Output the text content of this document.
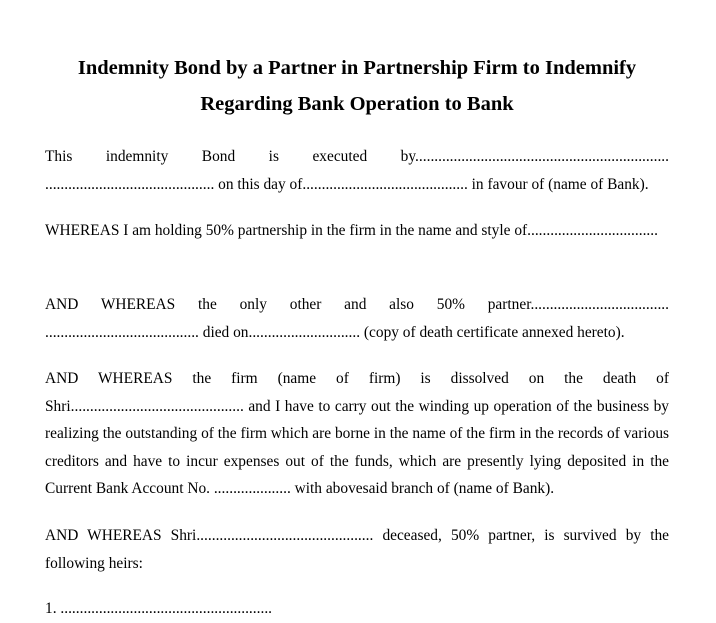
Indemnity Bond by a Partner in Partnership Firm to Indemnify
Regarding Bank Operation to Bank
This indemnity Bond is executed by.................................................................. ............................................ on this day of........................................... in favour of (name of Bank).
WHEREAS I am holding 50% partnership in the firm in the name and style of..................................
AND WHEREAS the only other and also 50% partner.................................... ........................................ died on............................. (copy of death certificate annexed hereto).
AND WHEREAS the firm (name of firm) is dissolved on the death of Shri............................................. and I have to carry out the winding up operation of the business by realizing the outstanding of the firm which are borne in the name of the firm in the records of various creditors and have to incur expenses out of the funds, which are presently lying deposited in the Current Bank Account No. .................... with abovesaid branch of (name of Bank).
AND WHEREAS Shri.............................................. deceased, 50% partner, is survived by the following heirs:
1. .......................................................
